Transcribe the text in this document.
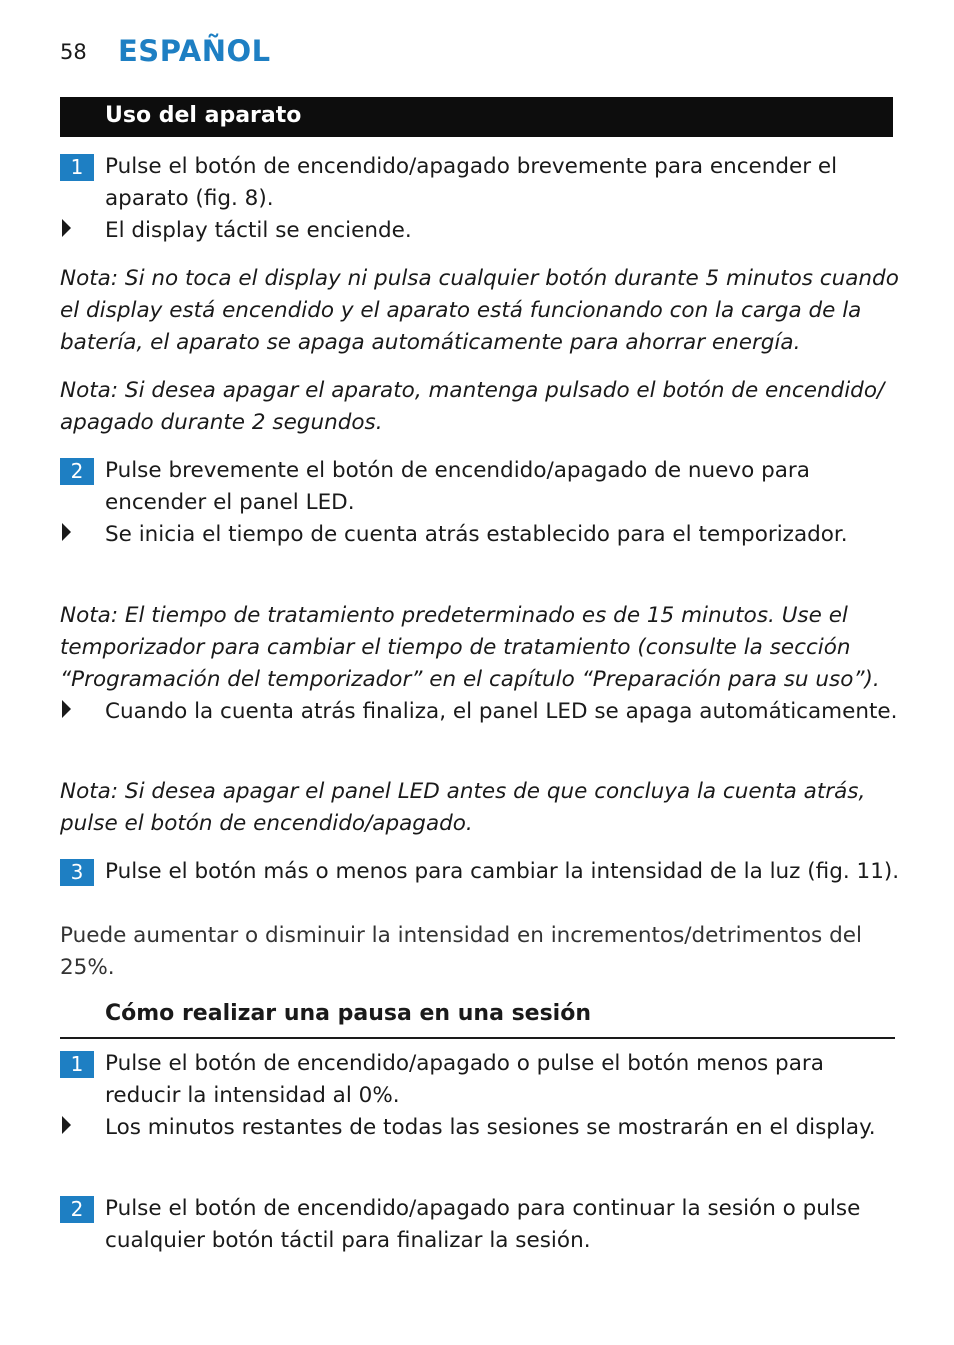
58 ESPAÑOL
Uso del aparato
1	Pulse el botón de encendido/apagado brevemente para encender el aparato (fig. 8).
El display táctil se enciende.
Nota: Si no toca el display ni pulsa cualquier botón durante 5 minutos cuando el display está encendido y el aparato está funcionando con la carga de la batería, el aparato se apaga automáticamente para ahorrar energía.
Nota: Si desea apagar el aparato, mantenga pulsado el botón de encendido/ apagado durante 2 segundos.
2	Pulse brevemente el botón de encendido/apagado de nuevo para encender el panel LED.
Se inicia el tiempo de cuenta atrás establecido para el temporizador.
Nota: El tiempo de tratamiento predeterminado es de 15 minutos. Use el temporizador para cambiar el tiempo de tratamiento (consulte la sección “Programación del temporizador” en el capítulo “Preparación para su uso”).
Cuando la cuenta atrás finaliza, el panel LED se apaga automáticamente.
Nota: Si desea apagar el panel LED antes de que concluya la cuenta atrás, pulse el botón de encendido/apagado.
3	Pulse el botón más o menos para cambiar la intensidad de la luz (fig. 11).
Puede aumentar o disminuir la intensidad en incrementos/detrimentos del 25%.
Cómo realizar una pausa en una sesión
1	Pulse el botón de encendido/apagado o pulse el botón menos para reducir la intensidad al 0%.
Los minutos restantes de todas las sesiones se mostrarán en el display.
2	Pulse el botón de encendido/apagado para continuar la sesión o pulse cualquier botón táctil para finalizar la sesión.
